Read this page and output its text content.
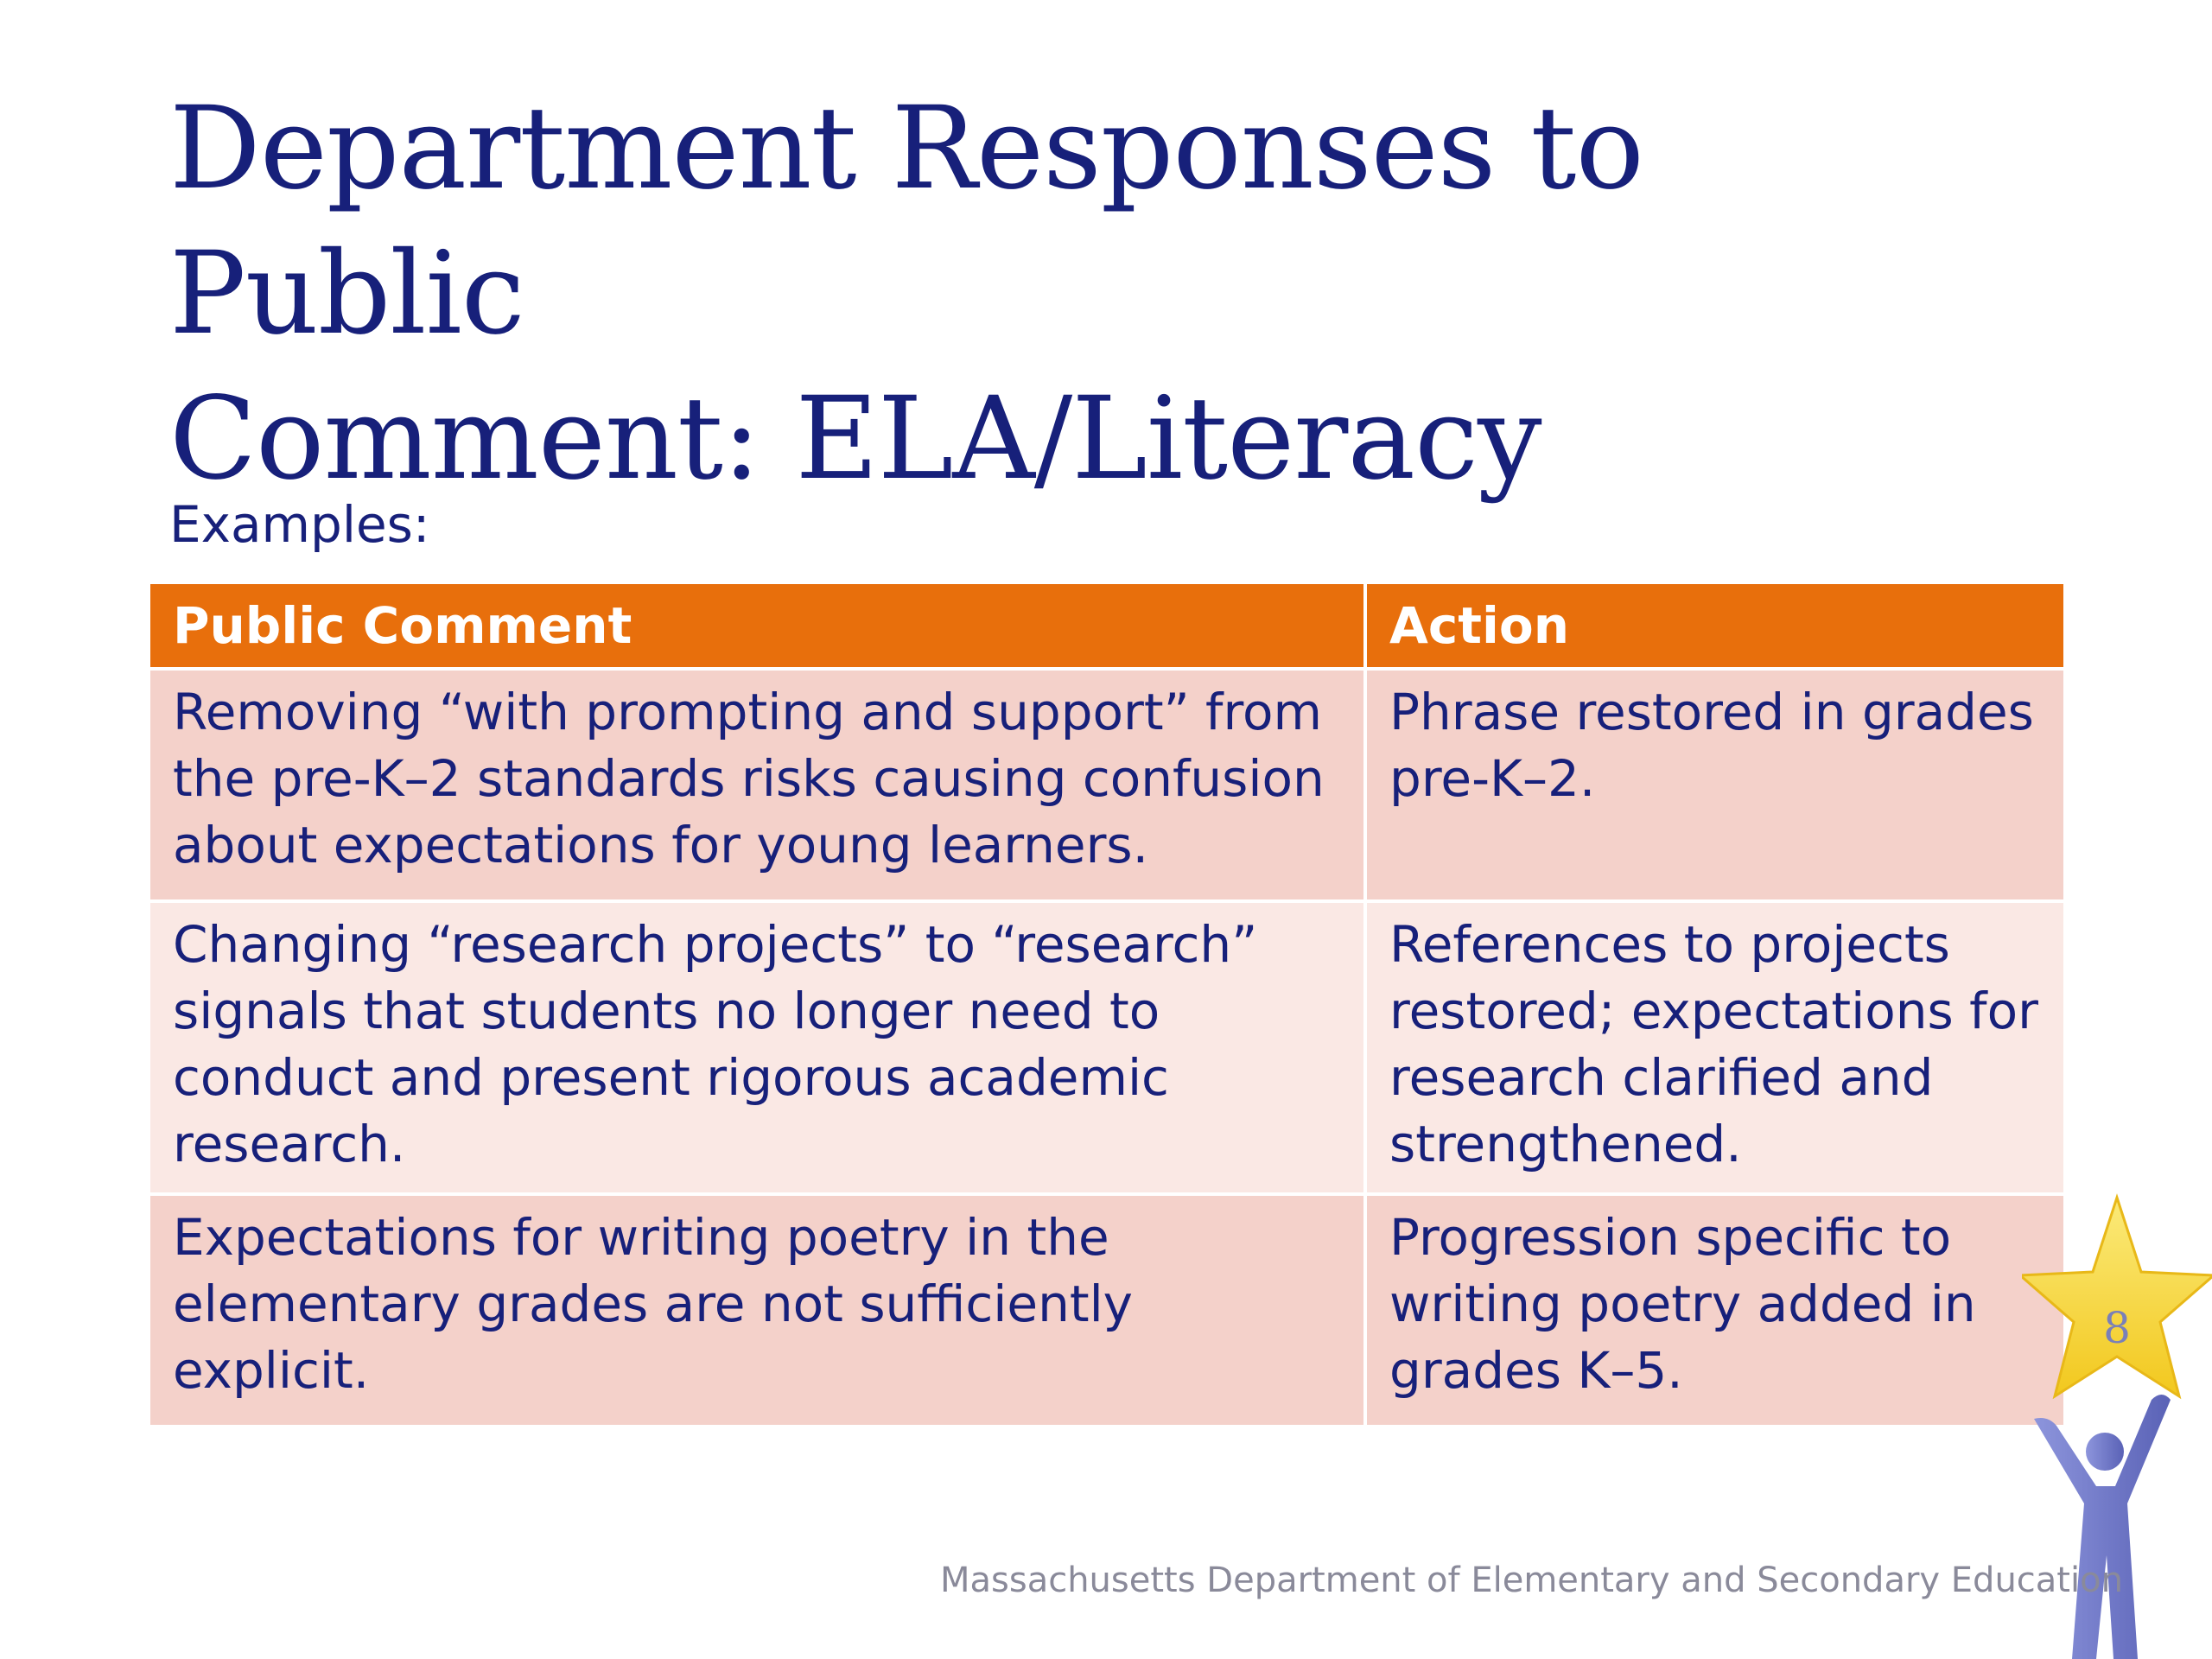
Department Responses to Public
Comment: ELA/Literacy
Examples:
Public Comment	Action
Removing “with prompting and support” from the pre-K–2 standards risks causing confusion about expectations for young learners.	Phrase restored in grades pre-K–2.
Changing “research projects” to “research” signals that students no longer need to conduct and present rigorous academic research.	References to projects restored; expectations for research clarified and strengthened.
Expectations for writing poetry in the elementary grades are not sufficiently explicit.	Progression specific to writing poetry added in grades K–5.
8
Massachusetts Department of Elementary and Secondary Education
